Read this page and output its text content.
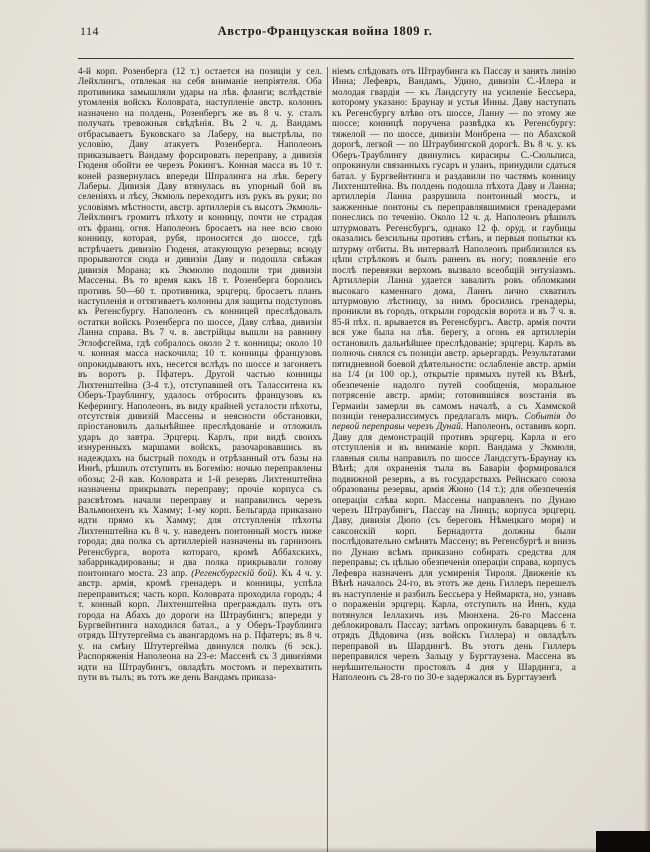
114	Австро-Французская война 1809 г.
4-й корп. Розенберга (12 т.) остается на позиціи у сел. Лейхлингъ, отвлекая на себя вниманіе непріятеля. Оба противника замышляли удары на лѣв. фланги; вслѣдствіе утомленія войскъ Коловрата, наступленіе австр. колоннъ назначено на полдень, Розенбергъ же въ 8 ч. у. сталъ получать тревожныя свѣдѣнія. Въ 2 ч. д. Вандамъ отбрасываетъ Буковскаго за Лаберу, на выстрѣлы, по условію, Даву атакуетъ Розенберга. Наполеонъ приказываетъ Вандаму форсировать переправу, а дивизія Гюденя обойти ее черезъ Рокингъ. Конная масса въ 10 т. коней развернулась впереди Шпралинга на лѣв. берегу Лаберы. Дивизія Даву втянулась въ упорный бой въ селеніяхъ и лѣсу, Экмюль переходитъ изъ рукъ въ руки; по условіямъ мѣстности, австр. артиллерія съ высотъ Экмюль-Лейхлингъ громитъ пѣхоту и конницу, почти не страдая отъ франц. огня. Наполеонъ бросаетъ на нее всю свою конницу, которая, рубя, проносится до шоссе, гдѣ встрѣчаетъ дивизію Гюденя, атакующую резервы; всюду прорываются сюда и дивизіи Даву и подошла свѣжая дивизія Морана; къ Экмюлю подошли три дивизіи Массены. Въ то время какъ 18 т. Розенберга боролись противъ 50—60 т. противника, эрцгерц. бросаетъ планъ наступленія и оттягиваетъ колонны для защиты подступовъ къ Регенсбургу. Наполеонъ съ конницей преслѣдовалъ остатки войскъ Розенберга по шоссе, Даву слѣва, дивизіи Ланна справа. Въ 7 ч. в. австрійцы вышли на равнину Эглофсгейма, гдѣ собралось около 2 т. конницы; около 10 ч. конная масса наскочила; 10 т. конницы французовъ опрокидываютъ ихъ, несется вслѣдъ по шоссе и загоняетъ въ воротъ р. Пфатеръ. Другой частью конницы Лихтенштейна (3-4 т.), отступавшей отъ Таласситена къ Оберъ-Траублингу, удалось отбросить французовъ къ Кеферингу. Наполеонъ, въ виду крайней усталости пѣхоты, отсутствія дивизій Массены и неясности обстановки, пріостановилъ дальнѣйшее преслѣдованіе и отложилъ ударъ до завтра. Эрцгерц. Карлъ, при видѣ своихъ изнуренныхъ маршами войскъ, разочаровавшись въ надеждахъ на быстрый походъ и отрѣзанный отъ базы на Иннѣ, рѣшилъ отступить въ Богемію: ночью переправлены обозы; 2-й кав. Коловрата и 1-й резервъ Лихтенштейна назначены прикрывать переправу; прочіе корпуса съ разсвѣтомъ начали переправу и направились черезъ Вальмюнхенъ къ Хамму; 1-му корп. Бельгарда приказано идти прямо къ Хамму; для отступленія пѣхоты Лихтенштейна къ 8 ч. у. наведенъ понтонный мостъ ниже города; два полка съ артиллеріей назначены въ гарнизонъ Регенсбурга, ворота котораго, кромѣ Аббахскихъ, забаррикадированы; и два полка прикрывали голову понтоннаго моста. 23 апр. (Регенсбургскій бой). Къ 4 ч. у. австр. армія, кромѣ гренадеръ и конницы, успѣла переправиться; часть корп. Коловрата проходила городъ; 4 т. конный корп. Лихтенштейна преграждалъ путь отъ города на Абахъ до дороги на Штраубингъ; впереди у Бургвейнтинга находился батал., а у Оберъ-Траублинга отрядъ Штутергейма съ авангардомъ на р. Пфатеръ; въ 8 ч. у. на смѣну Штутергейма двинулся полкъ (6 эск.). Распоряженія Наполеона на 23-е: Массенѣ съ 3 дивизіями идти на Штраубингъ, овладѣть мостомъ и перехватить пути въ тылъ; въ тотъ же день Вандамъ приказа-
ніемъ слѣдовать отъ Штраубинга къ Пассау и занять линію Инна; Лефевръ, Вандамъ, Удино, дивизіи С.-Илера и молодая гвардія — къ Ландсгуту на усиленіе Бессьера, которому указано: Браунау и устья Инны. Даву наступать къ Регенсбургу влѣво отъ шоссе, Ланну — по этому же шоссе; конницѣ поручена развѣдка къ Регенсбургу: тяжелой — по шоссе, дивизіи Монбрена — по Абахской дорогѣ, легкой — по Штраубингской дорогѣ. Въ 8 ч. у. къ Оберъ-Траублингу двинулись кирасиры С.-Сюльписа, опрокинули связанныхъ гусаръ и уланъ, принудили сдаться батал. у Бургвейнтинга и раздавили по частямъ конницу Лихтенштейна. Въ полдень подошла пѣхота Даву и Ланна; артиллерія Ланна разрушила понтонный мостъ, и зажженные понтоны съ переправлявшимися гренадерами понеслись по теченію. Около 12 ч. д. Наполеонъ рѣшилъ штурмовать Регенсбургъ, однако 12 ф. оруд. и гаубицы оказались безсильны противъ стѣнъ, и первыя попытки къ штурму отбиты. Въ интервалѣ Наполеонъ приблизился къ цѣпи стрѣлковъ и былъ раненъ въ ногу; появленіе его послѣ перевязки верхомъ вызвало всеобщій энтузіазмъ. Артиллеріи Ланна удается завалить ровъ обломками высокаго каменнаго дома, Ланнъ лично схватилъ штурмовую лѣстницу, за нимъ бросились гренадеры, проникли въ городъ, открыли городскія ворота и въ 7 ч. в. 85-й пѣх. п. врывается въ Регенсбургъ. Австр. армія почти вся уже была на лѣв. берегу, а огонь ея артиллеріи остановилъ дальнѣйшее преслѣдованіе; эрцгерц. Карлъ въ полночь снялся съ позиціи австр. арьергардъ. Результатами пятидневной боевой дѣятельности: ослабленіе австр. арміи на 1/4 (и 100 ор.), открытіе прямыхъ путей къ Вѣнѣ, обезпеченіе надолго путей сообщенія, моральное потрясеніе австр. арміи; готовившіяся возстанія въ Германіи замерли въ самомъ началѣ, а съ Хаммской позиціи генералиссимусъ предлагалъ миръ. Событія до первой переправы черезъ Дунай. Наполеонъ, оставивъ корп. Даву для демонстрацій противъ эрцгерц. Карла и его отступленія и въ вниманіе корп. Вандама у Экмюля, главныя силы направилъ по шоссе Ландсгутъ-Браунау къ Вѣнѣ; для охраненія тыла въ Баваріи формировался подвижной резервъ, а въ государствахъ Рейнскаго союза образованы резервы, армія Жюно (14 т.); для обезпеченія операціи слѣва корп. Массены направленъ по Дунаю черезъ Штраубингъ, Пассау на Линцъ; корпуса эрцгерц. Даву, дивизія Дюпо (съ береговъ Нѣмецкаго моря) и саксонскій корп. Бернадотта должны были послѣдовательно смѣнять Массену; въ Регенсбургѣ и внизъ по Дунаю всѣмъ приказано собирать средства для переправы; съ цѣлью обезпеченія операціи справа, корпусъ Лефевра назначенъ для усмиренія Тироля. Движеніе къ Вѣнѣ началось 24-го, въ этотъ же день Гиллеръ перешелъ въ наступленіе и разбилъ Бессьера у Неймаркта, но, узнавъ о пораженіи эрцгерц. Карла, отступилъ на Иннъ, куда потянулся Іеллахичъ изъ Мюнхена. 26-го Массена деблокировалъ Пассау; затѣмъ опрокинулъ баварцевъ 6 т. отрядъ Дѣдовича (изъ войскъ Гиллера) и овладѣлъ переправой въ Шардингѣ. Въ этотъ день Гиллеръ переправился черезъ Зальцу у Бургтаузена. Массена въ нерѣшительности простоялъ 4 дня у Шардинга, а Наполеонъ съ 28-го по 30-е задержался въ Бургтаузенѣ
